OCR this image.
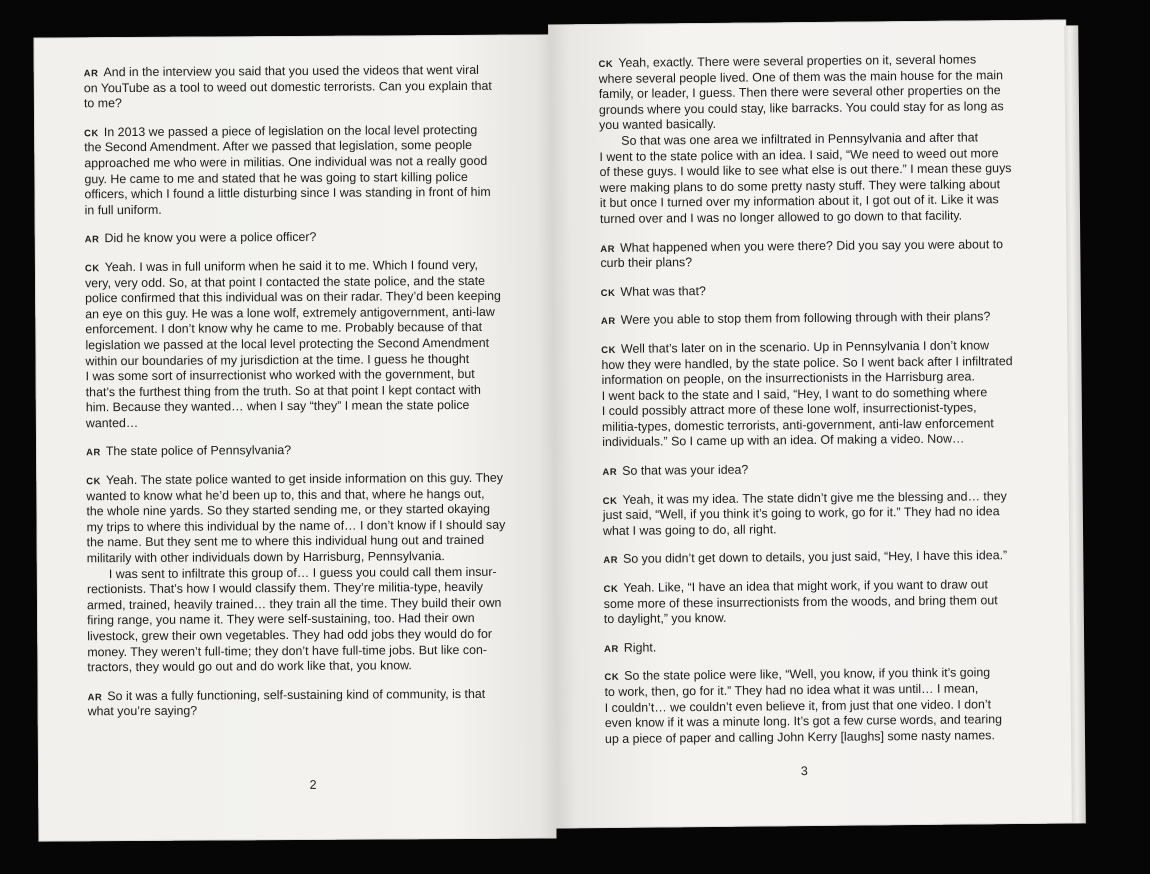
AR And in the interview you said that you used the videos that went viral
on YouTube as a tool to weed out domestic terrorists. Can you explain that
to me?
CK In 2013 we passed a piece of legislation on the local level protecting
the Second Amendment. After we passed that legislation, some people
approached me who were in militias. One individual was not a really good
guy. He came to me and stated that he was going to start killing police
officers, which I found a little disturbing since I was standing in front of him
in full uniform.
AR Did he know you were a police officer?
CK Yeah. I was in full uniform when he said it to me. Which I found very,
very, very odd. So, at that point I contacted the state police, and the state
police confirmed that this individual was on their radar. They’d been keeping
an eye on this guy. He was a lone wolf, extremely antigovernment, anti-law
enforcement. I don’t know why he came to me. Probably because of that
legislation we passed at the local level protecting the Second Amendment
within our boundaries of my jurisdiction at the time. I guess he thought
I was some sort of insurrectionist who worked with the government, but
that’s the furthest thing from the truth. So at that point I kept contact with
him. Because they wanted… when I say “they” I mean the state police
wanted…
AR The state police of Pennsylvania?
CK Yeah. The state police wanted to get inside information on this guy. They
wanted to know what he’d been up to, this and that, where he hangs out,
the whole nine yards. So they started sending me, or they started okaying
my trips to where this individual by the name of… I don’t know if I should say
the name. But they sent me to where this individual hung out and trained
militarily with other individuals down by Harrisburg, Pennsylvania.
I was sent to infiltrate this group of… I guess you could call them insur-
rectionists. That’s how I would classify them. They’re militia-type, heavily
armed, trained, heavily trained… they train all the time. They build their own
firing range, you name it. They were self-sustaining, too. Had their own
livestock, grew their own vegetables. They had odd jobs they would do for
money. They weren’t full-time; they don’t have full-time jobs. But like con-
tractors, they would go out and do work like that, you know.
AR So it was a fully functioning, self-sustaining kind of community, is that
what you’re saying?
2
CK Yeah, exactly. There were several properties on it, several homes
where several people lived. One of them was the main house for the main
family, or leader, I guess. Then there were several other properties on the
grounds where you could stay, like barracks. You could stay for as long as
you wanted basically.
So that was one area we infiltrated in Pennsylvania and after that
I went to the state police with an idea. I said, “We need to weed out more
of these guys. I would like to see what else is out there.” I mean these guys
were making plans to do some pretty nasty stuff. They were talking about
it but once I turned over my information about it, I got out of it. Like it was
turned over and I was no longer allowed to go down to that facility.
AR What happened when you were there? Did you say you were about to
curb their plans?
CK What was that?
AR Were you able to stop them from following through with their plans?
CK Well that’s later on in the scenario. Up in Pennsylvania I don’t know
how they were handled, by the state police. So I went back after I infiltrated
information on people, on the insurrectionists in the Harrisburg area.
I went back to the state and I said, “Hey, I want to do something where
I could possibly attract more of these lone wolf, insurrectionist-types,
militia-types, domestic terrorists, anti-government, anti-law enforcement
individuals.” So I came up with an idea. Of making a video. Now…
AR So that was your idea?
CK Yeah, it was my idea. The state didn’t give me the blessing and… they
just said, “Well, if you think it’s going to work, go for it.” They had no idea
what I was going to do, all right.
AR So you didn’t get down to details, you just said, “Hey, I have this idea.”
CK Yeah. Like, “I have an idea that might work, if you want to draw out
some more of these insurrectionists from the woods, and bring them out
to daylight,” you know.
AR Right.
CK So the state police were like, “Well, you know, if you think it’s going
to work, then, go for it.” They had no idea what it was until… I mean,
I couldn’t… we couldn’t even believe it, from just that one video. I don’t
even know if it was a minute long. It’s got a few curse words, and tearing
up a piece of paper and calling John Kerry [laughs] some nasty names.
3
